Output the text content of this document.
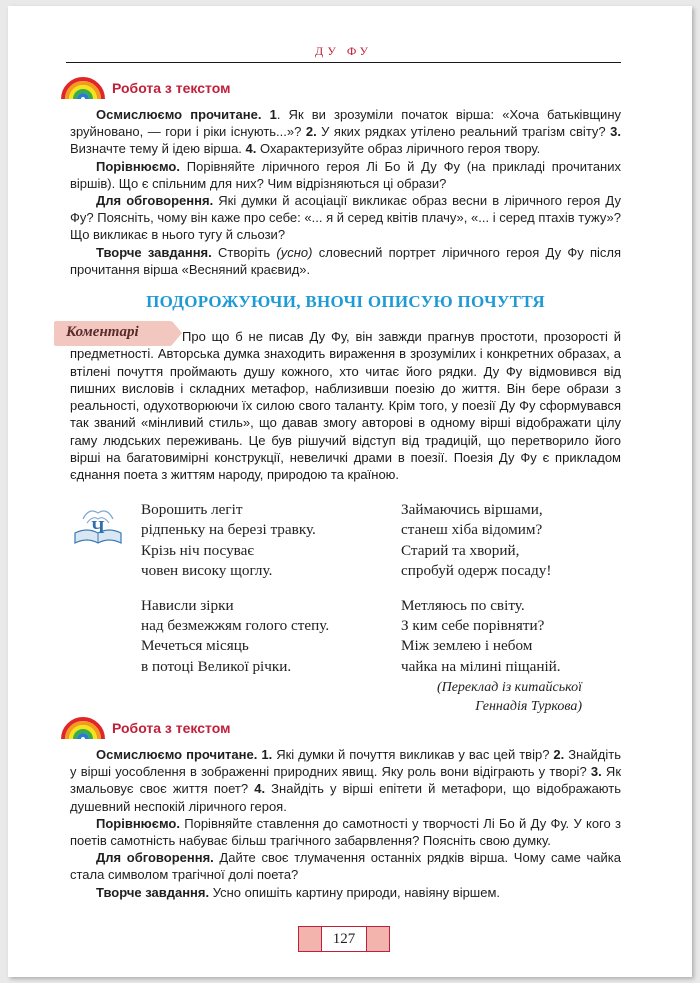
ДУ ФУ
Робота з текстом

Осмислюємо прочитане. 1. Як ви зрозуміли початок вірша: «Хоча батьківщину зруйновано, — гори і ріки існують...»? 2. У яких рядках утілено реальний трагізм світу? 3. Визначте тему й ідею вірша. 4. Охарактеризуйте образ ліричного героя твору.

Порівнюємо. Порівняйте ліричного героя Лі Бо й Ду Фу (на прикладі прочитаних віршів). Що є спільним для них? Чим відрізняються ці образи?

Для обговорення. Які думки й асоціації викликає образ весни в ліричного героя Ду Фу? Поясніть, чому він каже про себе: «... я й серед квітів плачу», «... і серед птахів тужу»? Що викликає в нього тугу й сльози?

Творче завдання. Створіть (усно) словесний портрет ліричного героя Ду Фу після прочитання вірша «Весняний краєвид».

ПОДОРОЖУЮЧИ, ВНОЧІ ОПИСУЮ ПОЧУТТЯ
Коментарі	Про що б не писав Ду Фу, він завжди прагнув простоти, прозорості й предметності. Авторська думка знаходить вираження в зрозумілих і конкретних образах, а втілені почуття проймають душу кожного, хто читає його рядки. Ду Фу відмовився від пишних висловів і складних метафор, наблизивши поезію до життя. Він бере образи з реальності, одухотворюючи їх силою свого таланту. Крім того, у поезії Ду Фу сформувався так званий «мінливий стиль», що давав змогу авторові в одному вірші відображати цілу гаму людських переживань. Це був рішучий відступ від традицій, що перетворило його вірші на багатовимірні конструкції, невеличкі драми в поезії. Поезія Ду Фу є прикладом єднання поета з життям народу, природою та країною.

Ч
Ворошить легіт
рідпеньку на березі травку.
Крізь ніч посуває
човен високу щоглу.
Нависли зірки
над безмежжям голого степу.
Мечеться місяць
в потоці Великої річки.
Займаючись віршами,
станеш хіба відомим?
Старий та хворий,
спробуй одерж посаду!
Метляюсь по світу.
З ким себе порівняти?
Між землею і небом
чайка на мілині піщаній.
(Переклад із китайської
Геннадія Туркова)
Робота з текстом

Осмислюємо прочитане. 1. Які думки й почуття викликав у вас цей твір? 2. Знайдіть у вірші уособлення в зображенні природних явищ. Яку роль вони відіграють у творі? 3. Як змальовує своє життя поет? 4. Знайдіть у вірші епітети й метафори, що відображають душевний неспокій ліричного героя.

Порівнюємо. Порівняйте ставлення до самотності у творчості Лі Бо й Ду Фу. У кого з поетів самотність набуває більш трагічного забарвлення? Поясніть свою думку.

Для обговорення. Дайте своє тлумачення останніх рядків вірша. Чому саме чайка стала символом трагічної долі поета?

Творче завдання. Усно опишіть картину природи, навіяну віршем.

127
